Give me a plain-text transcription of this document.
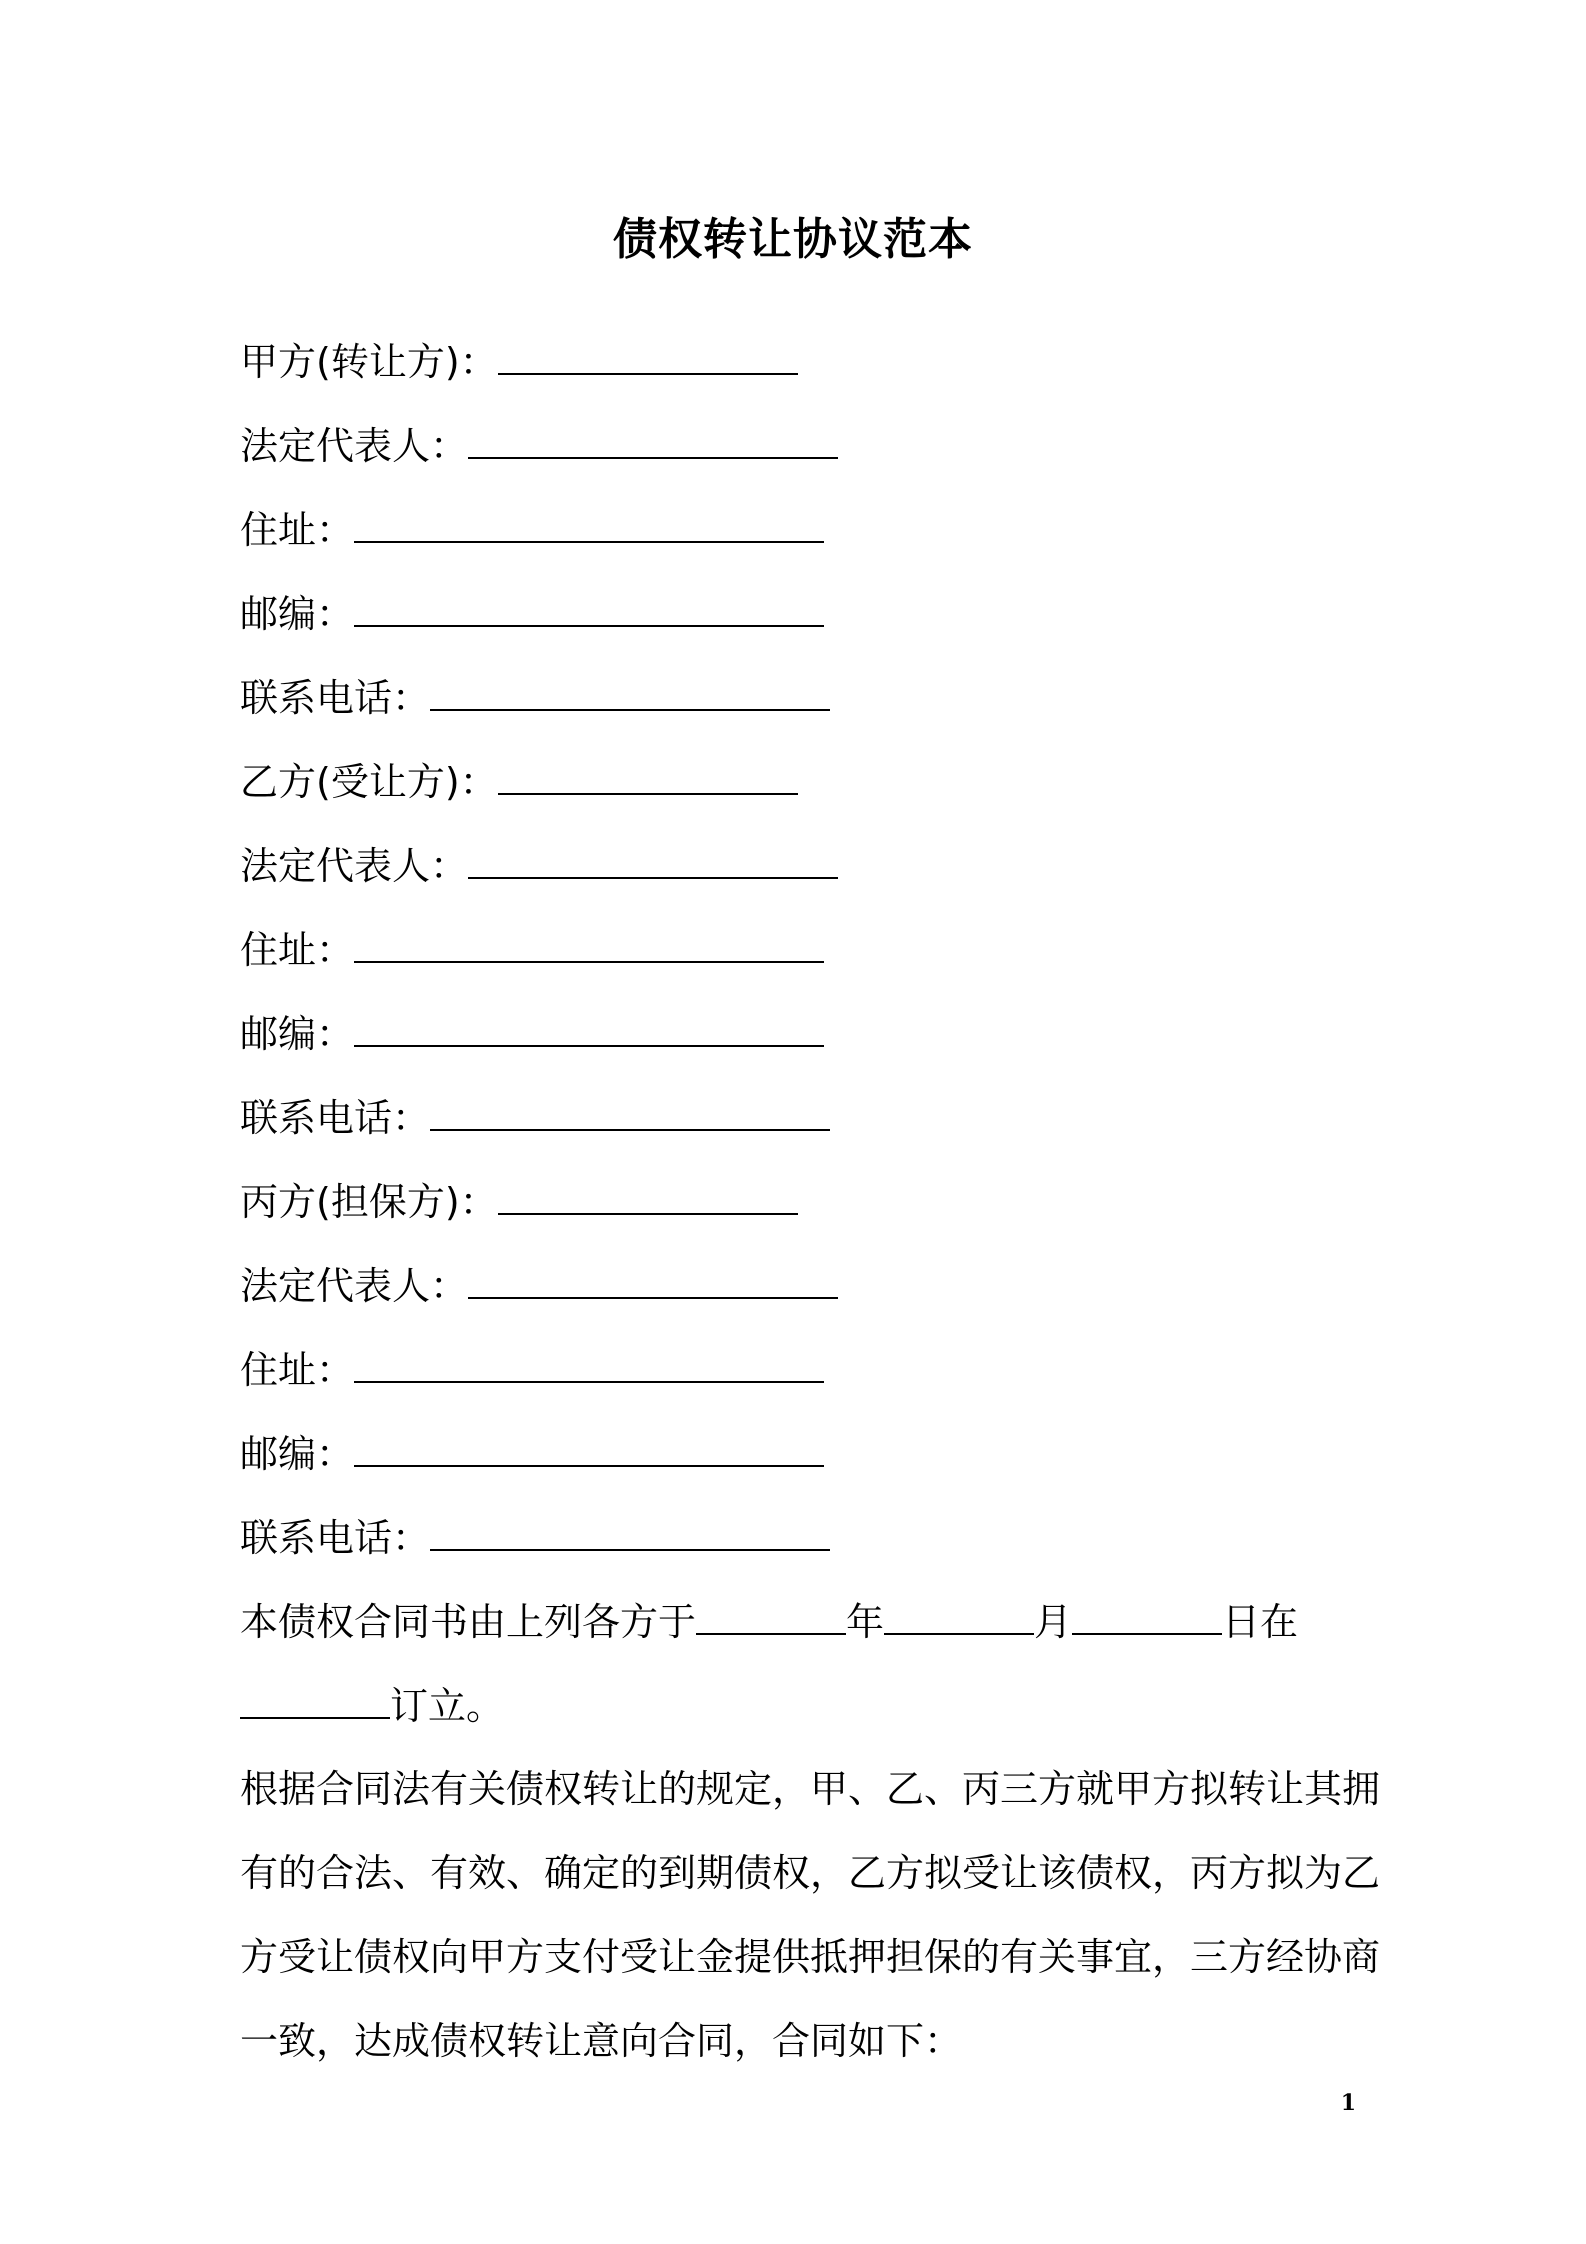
债权转让协议范本
甲方(转让方)：
法定代表人：
住址：
邮编：
联系电话：
乙方(受让方)：
法定代表人：
住址：
邮编：
联系电话：
丙方(担保方)：
法定代表人：
住址：
邮编：
联系电话：
本债权合同书由上列各方于	年	月	日在
订立。
根据合同法有关债权转让的规定，甲、乙、丙三方就甲方拟转让其拥
有的合法、有效、确定的到期债权，乙方拟受让该债权，丙方拟为乙
方受让债权向甲方支付受让金提供抵押担保的有关事宜，三方经协商
一致，达成债权转让意向合同，合同如下：
1
